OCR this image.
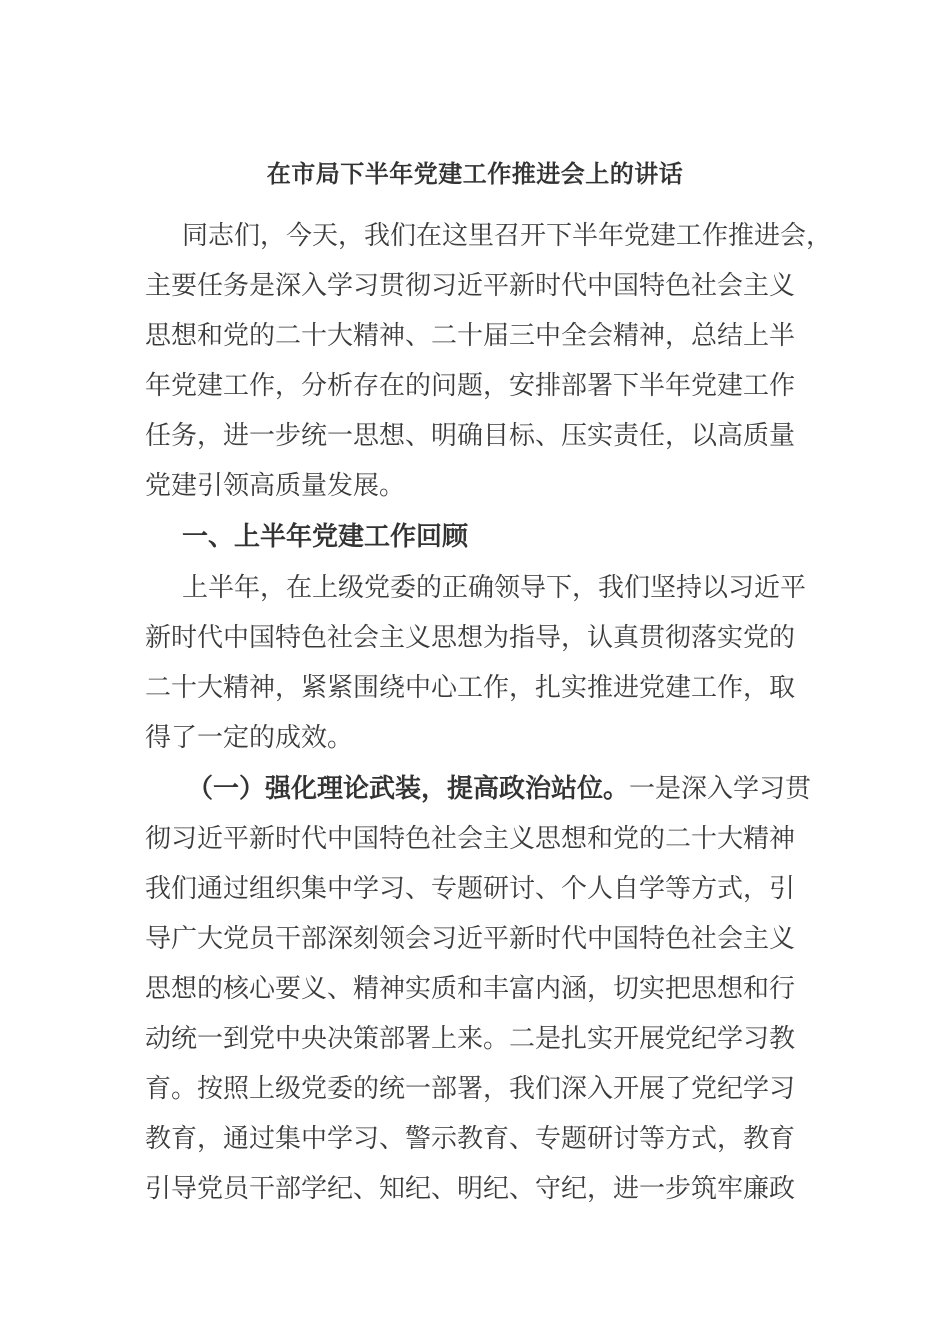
在市局下半年党建工作推进会上的讲话
同志们，今天，我们在这里召开下半年党建工作推进会，
主要任务是深入学习贯彻习近平新时代中国特色社会主义
思想和党的二十大精神、二十届三中全会精神，总结上半
年党建工作，分析存在的问题，安排部署下半年党建工作
任务，进一步统一思想、明确目标、压实责任，以高质量
党建引领高质量发展。
一、上半年党建工作回顾
上半年，在上级党委的正确领导下，我们坚持以习近平
新时代中国特色社会主义思想为指导，认真贯彻落实党的
二十大精神，紧紧围绕中心工作，扎实推进党建工作，取
得了一定的成效。
（一）强化理论武装，提高政治站位。一是深入学习贯
彻习近平新时代中国特色社会主义思想和党的二十大精神
我们通过组织集中学习、专题研讨、个人自学等方式，引
导广大党员干部深刻领会习近平新时代中国特色社会主义
思想的核心要义、精神实质和丰富内涵，切实把思想和行
动统一到党中央决策部署上来。二是扎实开展党纪学习教
育。按照上级党委的统一部署，我们深入开展了党纪学习
教育，通过集中学习、警示教育、专题研讨等方式，教育
引导党员干部学纪、知纪、明纪、守纪，进一步筑牢廉政
